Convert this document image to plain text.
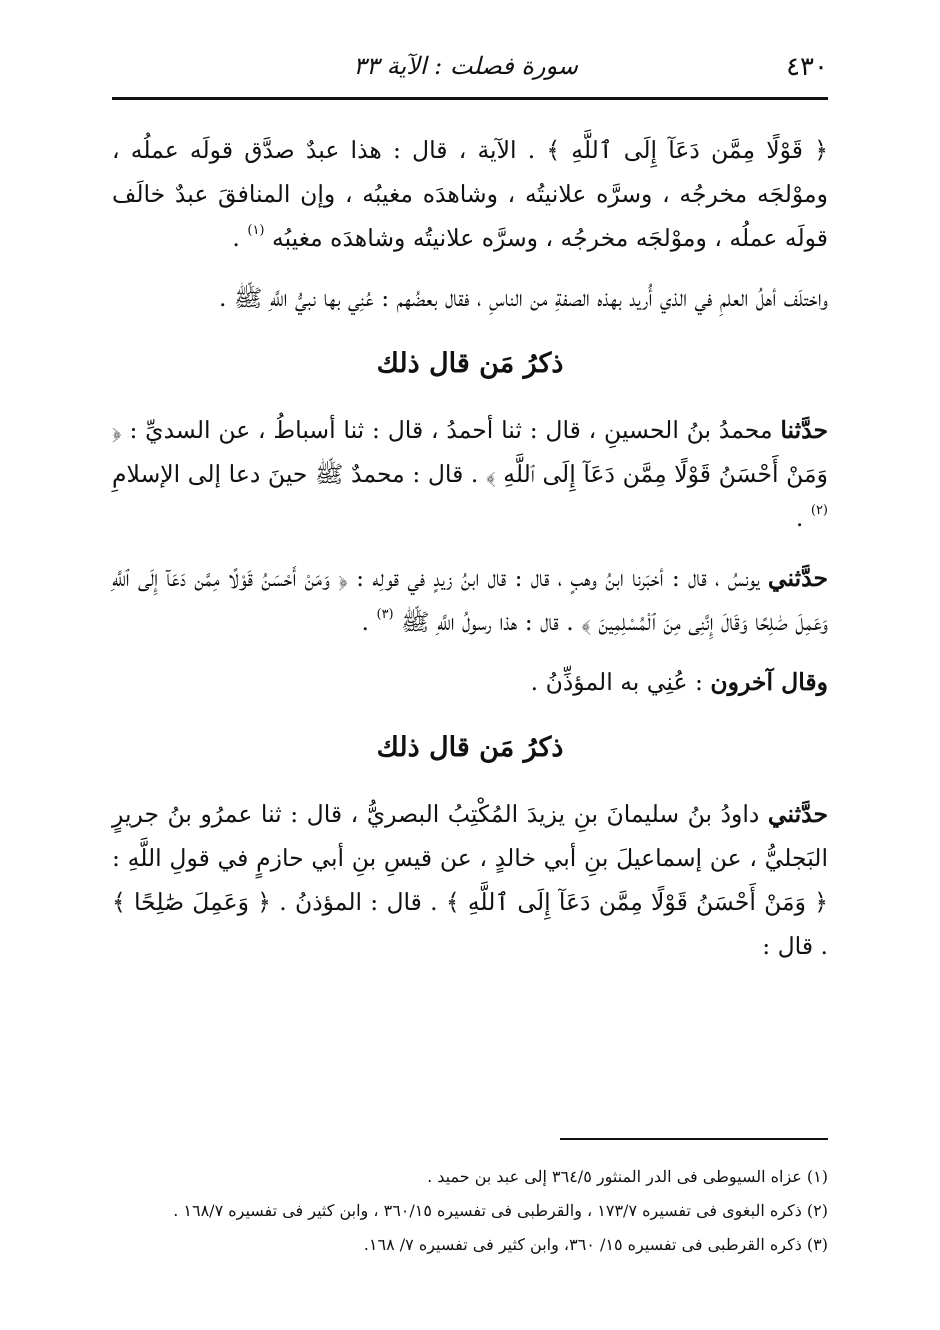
٤٣٠
سورة فصلت : الآية ٣٣

﴿ قَوْلًا مِمَّن دَعَآ إِلَى ٱللَّهِ ﴾ . الآية ، قال : هذا عبدٌ صدَّق قولَه عملُه ، وموْلجَه مخرجُه ، وسرَّه علانيتُه ، وشاهدَه مغيبُه ، وإن المنافقَ عبدٌ خالَف قولَه عملُه ، وموْلجَه مخرجُه ، وسرَّه علانيتُه وشاهدَه مغيبُه $^{(١)}$ .

واختلَف أهلُ العلمِ في الذي أُريد بهذه الصفةِ من الناسِ ، فقال بعضُهم : عُنِي بها نبيُّ اللَّهِ ﷺ .

ذكرُ مَن قال ذلك

حدَّثنا محمدُ بنُ الحسينِ ، قال : ثنا أحمدُ ، قال : ثنا أسباطُ ، عن السديِّ : ﴿ وَمَنْ أَحْسَنُ قَوْلًا مِمَّن دَعَآ إِلَى ٱللَّهِ ﴾ . قال : محمدٌ ﷺ حينَ دعا إلى الإسلامِ $^{(٢)}$ .

حدَّثني يونسُ ، قال : أخبَرنا ابنُ وهبٍ ، قال : قال ابنُ زيدٍ في قولِه : ﴿ وَمَنْ أَحْسَنُ قَوْلًا مِمَّن دَعَآ إِلَى ٱللَّهِ وَعَمِلَ صَٰلِحًا وَقَالَ إِنَّنِى مِنَ ٱلْمُسْلِمِينَ ﴾ . قال : هذا رسولُ اللَّهِ ﷺ $^{(٣)}$ .

وقال آخرون : عُنِي به المؤذِّنُ .

ذكرُ مَن قال ذلك

حدَّثني داودُ بنُ سليمانَ بنِ يزيدَ المُكْتِبُ البصريُّ ، قال : ثنا عمرُو بنُ جريرٍ البَجليُّ ، عن إسماعيلَ بنِ أبي خالدٍ ، عن قيسِ بنِ أبي حازمٍ في قولِ اللَّهِ : ﴿ وَمَنْ أَحْسَنُ قَوْلًا مِمَّن دَعَآ إِلَى ٱللَّهِ ﴾ . قال : المؤذنُ . ﴿ وَعَمِلَ صَٰلِحًا ﴾ . قال :

(١) عزاه السيوطى فى الدر المنثور ٣٦٤/٥ إلى عبد بن حميد .
(٢) ذكره البغوى فى تفسيره ١٧٣/٧ ، والقرطبى فى تفسيره ٣٦٠/١٥ ، وابن كثير فى تفسيره ١٦٨/٧ .
(٣) ذكره القرطبى فى تفسيره ١٥/ ٣٦٠، وابن كثير فى تفسيره ٧/ ١٦٨.
